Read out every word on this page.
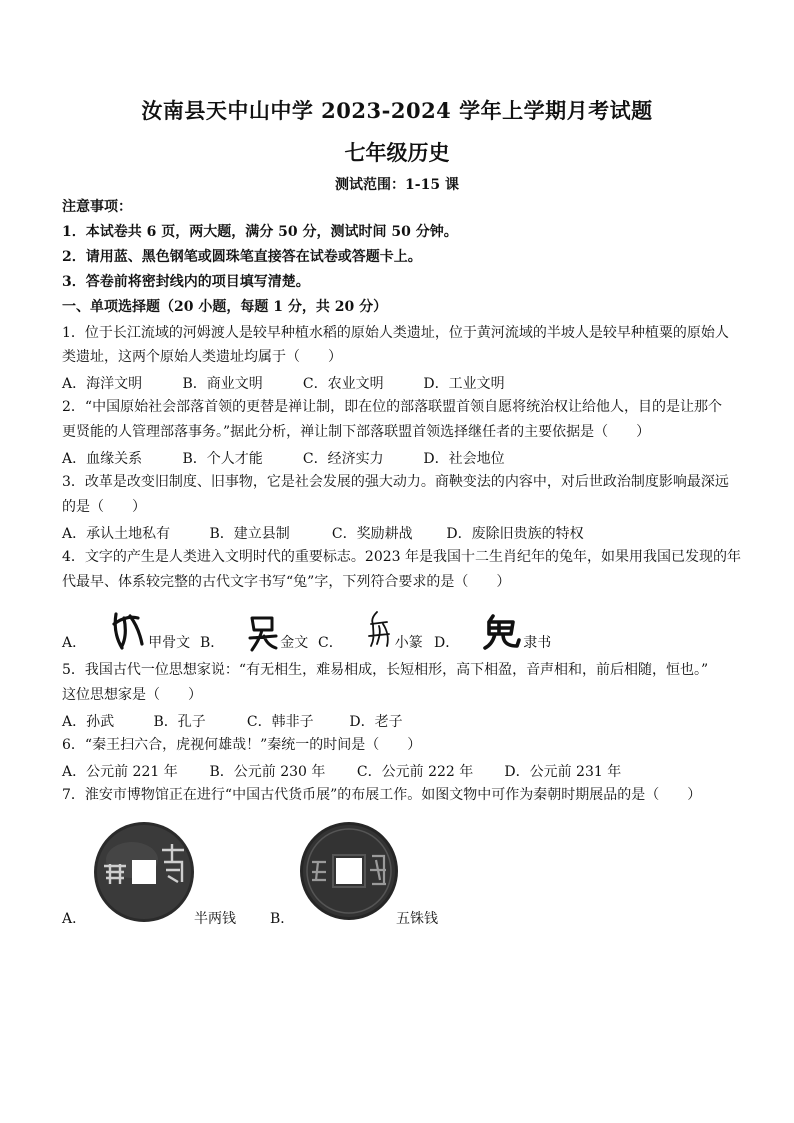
汝南县天中山中学 2023-2024 学年上学期月考试题
七年级历史
测试范围：1-15 课
注意事项：
1．本试卷共 6 页，两大题，满分 50 分，测试时间 50 分钟。
2．请用蓝、黑色钢笔或圆珠笔直接答在试卷或答题卡上。
3．答卷前将密封线内的项目填写清楚。
一、单项选择题（20 小题，每题 1 分，共 20 分）
1．位于长江流域的河姆渡人是较早种植水稻的原始人类遗址，位于黄河流域的半坡人是较早种植粟的原始人
类遗址，这两个原始人类遗址均属于（　　）
A．海洋文明	B．商业文明	C．农业文明	D．工业文明
2．“中国原始社会部落首领的更替是禅让制，即在位的部落联盟首领自愿将统治权让给他人，目的是让那个
更贤能的人管理部落事务。”据此分析，禅让制下部落联盟首领选择继任者的主要依据是（　　）
A．血缘关系	B．个人才能	C．经济实力	D．社会地位
3．改革是改变旧制度、旧事物，它是社会发展的强大动力。商鞅变法的内容中，对后世政治制度影响最深远
的是（　　）
A．承认土地私有	B．建立县制	C．奖励耕战 D．废除旧贵族的特权
4．文字的产生是人类进入文明时代的重要标志。2023 年是我国十二生肖纪年的兔年，如果用我国已发现的年
代最早、体系较完整的古代文字书写“兔”字，下列符合要求的是（　　）
A．	甲骨文 B．	金文 C．	小篆 D．	隶书
5．我国古代一位思想家说：“有无相生，难易相成，长短相形，高下相盈，音声相和，前后相随，恒也。”
这位思想家是（　　）
A．孙武	B．孔子	C．韩非子	D．老子
6．“秦王扫六合，虎视何雄哉！”秦统一的时间是（　　）
A．公元前 221 年 B．公元前 230 年 C．公元前 222 年 D．公元前 231 年
7．淮安市博物馆正在进行“中国古代货币展”的布展工作。如图文物中可作为秦朝时期展品的是（　　）
A．	半两钱 B．	五铢钱
